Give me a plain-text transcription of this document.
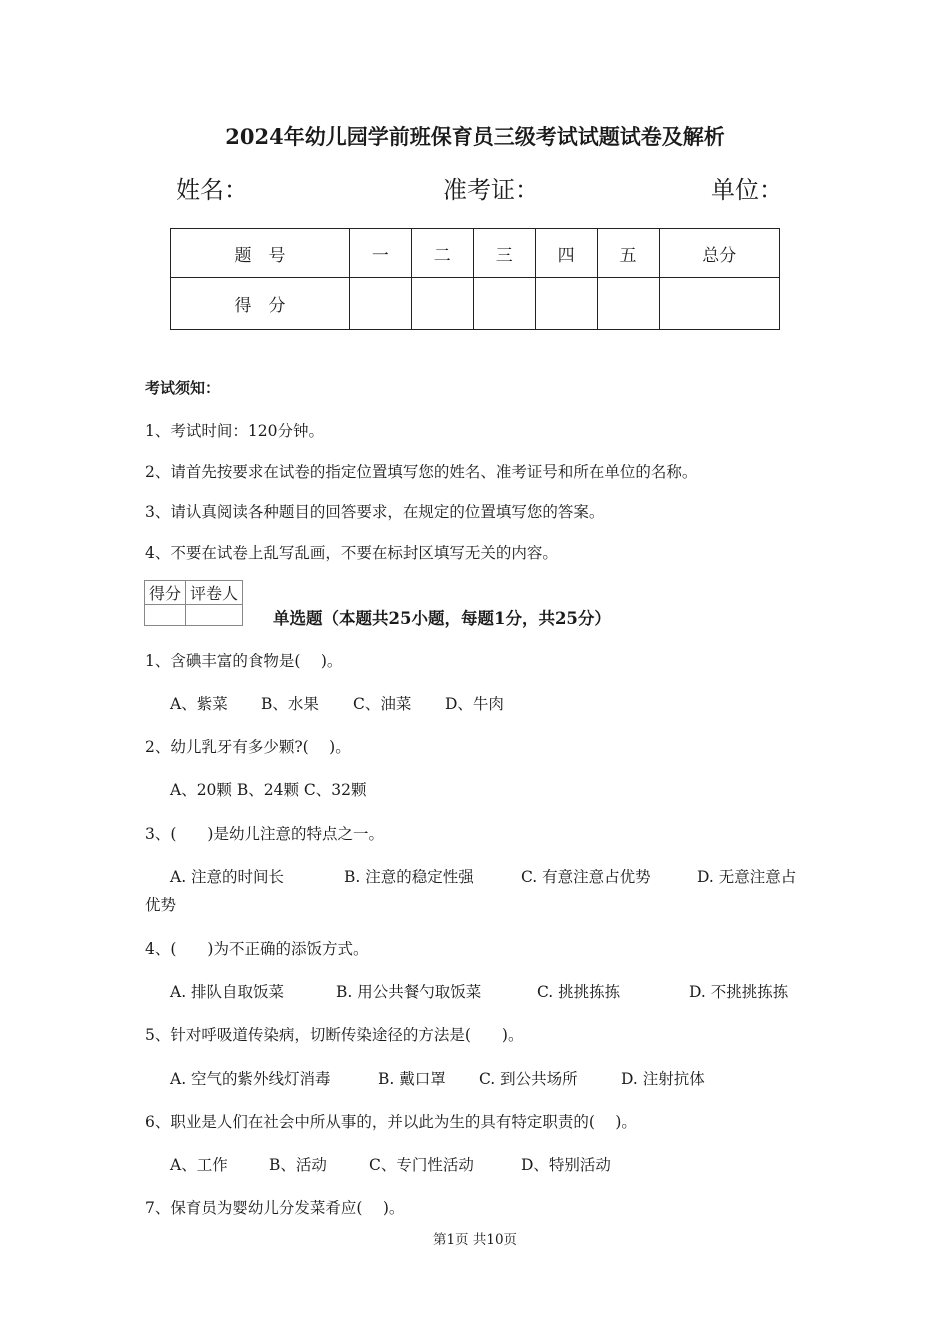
2024年幼儿园学前班保育员三级考试试题试卷及解析
姓名：	准考证：	单位：
题　号	一	二	三	四	五	总分
得　分						
考试须知：
1、考试时间：120分钟。
2、请首先按要求在试卷的指定位置填写您的姓名、准考证号和所在单位的名称。
3、请认真阅读各种题目的回答要求，在规定的位置填写您的答案。
4、不要在试卷上乱写乱画，不要在标封区填写无关的内容。
得分	评卷人

单选题（本题共25小题，每题1分，共25分）
1、含碘丰富的食物是(　 )。
A、紫菜 B、水果 C、油菜 D、牛肉
2、幼儿乳牙有多少颗?(　 )。
A、20颗 B、24颗 C、32颗
3、(　　)是幼儿注意的特点之一。
A. 注意的时间长	B. 注意的稳定性强	C. 有意注意占优势	D. 无意注意占
优势
4、(　　)为不正确的添饭方式。
A. 排队自取饭菜	B. 用公共餐勺取饭菜	C. 挑挑拣拣	D. 不挑挑拣拣
5、针对呼吸道传染病，切断传染途径的方法是(　　)。
A. 空气的紫外线灯消毒	B. 戴口罩 C. 到公共场所	D. 注射抗体
6、职业是人们在社会中所从事的，并以此为生的具有特定职责的(　 )。
A、工作	B、活动	C、专门性活动	D、特别活动
7、保育员为婴幼儿分发菜肴应(　 )。
第1页 共10页
